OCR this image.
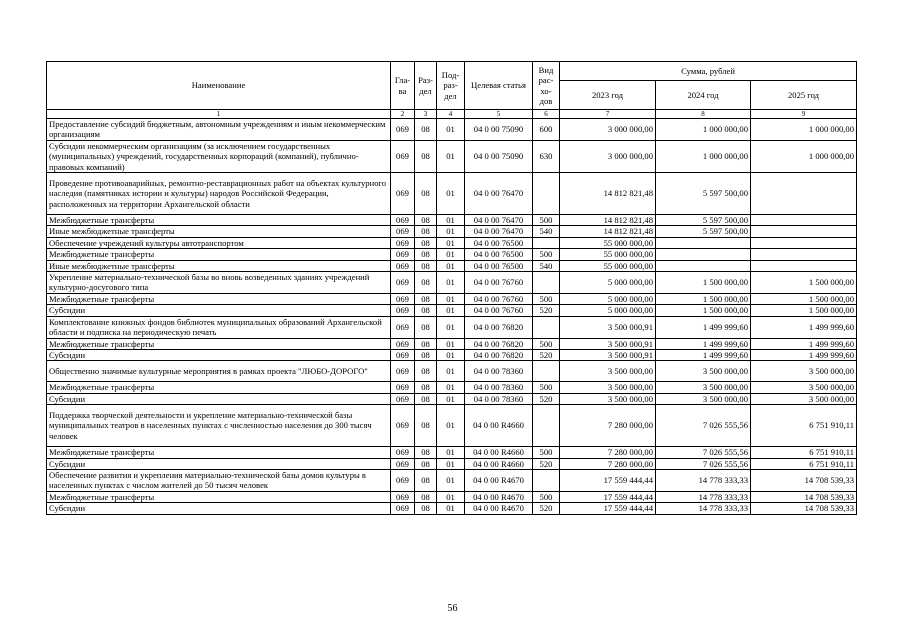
Наименование	Гла- ва	Раз- дел	Под- раз- дел	Целевая статья	Вид рас- хо- дов	Сумма, рублей		
						2023 год	2024 год	2025 год
1	2	3	4	5	6	7	8	9
Предоставление субсидий бюджетным, автономным учреждениям и иным некоммерческим организациям	069	08	01	04 0 00 75090	600	3 000 000,00	1 000 000,00	1 000 000,00
Субсидии некоммерческим организациям (за исключением государственных (муниципальных) учреждений, государственных корпораций (компаний), публично-правовых компаний)	069	08	01	04 0 00 75090	630	3 000 000,00	1 000 000,00	1 000 000,00
Проведение противоаварийных, ремонтно-реставрационных работ на объектах культурного наследия (памятниках истории и культуры) народов Российской Федерации, расположенных на территории Архангельской области	069	08	01	04 0 00 76470		14 812 821,48	5 597 500,00	
Межбюджетные трансферты	069	08	01	04 0 00 76470	500	14 812 821,48	5 597 500,00	
Иные межбюджетные трансферты	069	08	01	04 0 00 76470	540	14 812 821,48	5 597 500,00	
Обеспечение учреждений культуры автотранспортом	069	08	01	04 0 00 76500		55 000 000,00		
Межбюджетные трансферты	069	08	01	04 0 00 76500	500	55 000 000,00		
Иные межбюджетные трансферты	069	08	01	04 0 00 76500	540	55 000 000,00		
Укрепление материально-технической базы во вновь возведенных зданиях учреждений культурно-досугового типа	069	08	01	04 0 00 76760		5 000 000,00	1 500 000,00	1 500 000,00
Межбюджетные трансферты	069	08	01	04 0 00 76760	500	5 000 000,00	1 500 000,00	1 500 000,00
Субсидии	069	08	01	04 0 00 76760	520	5 000 000,00	1 500 000,00	1 500 000,00
Комплектование книжных фондов библиотек муниципальных образований Архангельской области и подписка на периодическую печать	069	08	01	04 0 00 76820		3 500 000,91	1 499 999,60	1 499 999,60
Межбюджетные трансферты	069	08	01	04 0 00 76820	500	3 500 000,91	1 499 999,60	1 499 999,60
Субсидии	069	08	01	04 0 00 76820	520	3 500 000,91	1 499 999,60	1 499 999,60
Общественно значимые культурные мероприятия в рамках проекта "ЛЮБО-ДОРОГО"	069	08	01	04 0 00 78360		3 500 000,00	3 500 000,00	3 500 000,00
Межбюджетные трансферты	069	08	01	04 0 00 78360	500	3 500 000,00	3 500 000,00	3 500 000,00
Субсидии	069	08	01	04 0 00 78360	520	3 500 000,00	3 500 000,00	3 500 000,00
Поддержка творческой деятельности и укрепление материально-технической базы муниципальных театров в населенных пунктах с численностью населения до 300 тысяч человек	069	08	01	04 0 00 R4660		7 280 000,00	7 026 555,56	6 751 910,11
Межбюджетные трансферты	069	08	01	04 0 00 R4660	500	7 280 000,00	7 026 555,56	6 751 910,11
Субсидии	069	08	01	04 0 00 R4660	520	7 280 000,00	7 026 555,56	6 751 910,11
Обеспечение развития и укрепления материально-технической базы домов культуры в населенных пунктах с числом жителей до 50 тысяч человек	069	08	01	04 0 00 R4670		17 559 444,44	14 778 333,33	14 708 539,33
Межбюджетные трансферты	069	08	01	04 0 00 R4670	500	17 559 444,44	14 778 333,33	14 708 539,33
Субсидии	069	08	01	04 0 00 R4670	520	17 559 444,44	14 778 333,33	14 708 539,33
56
